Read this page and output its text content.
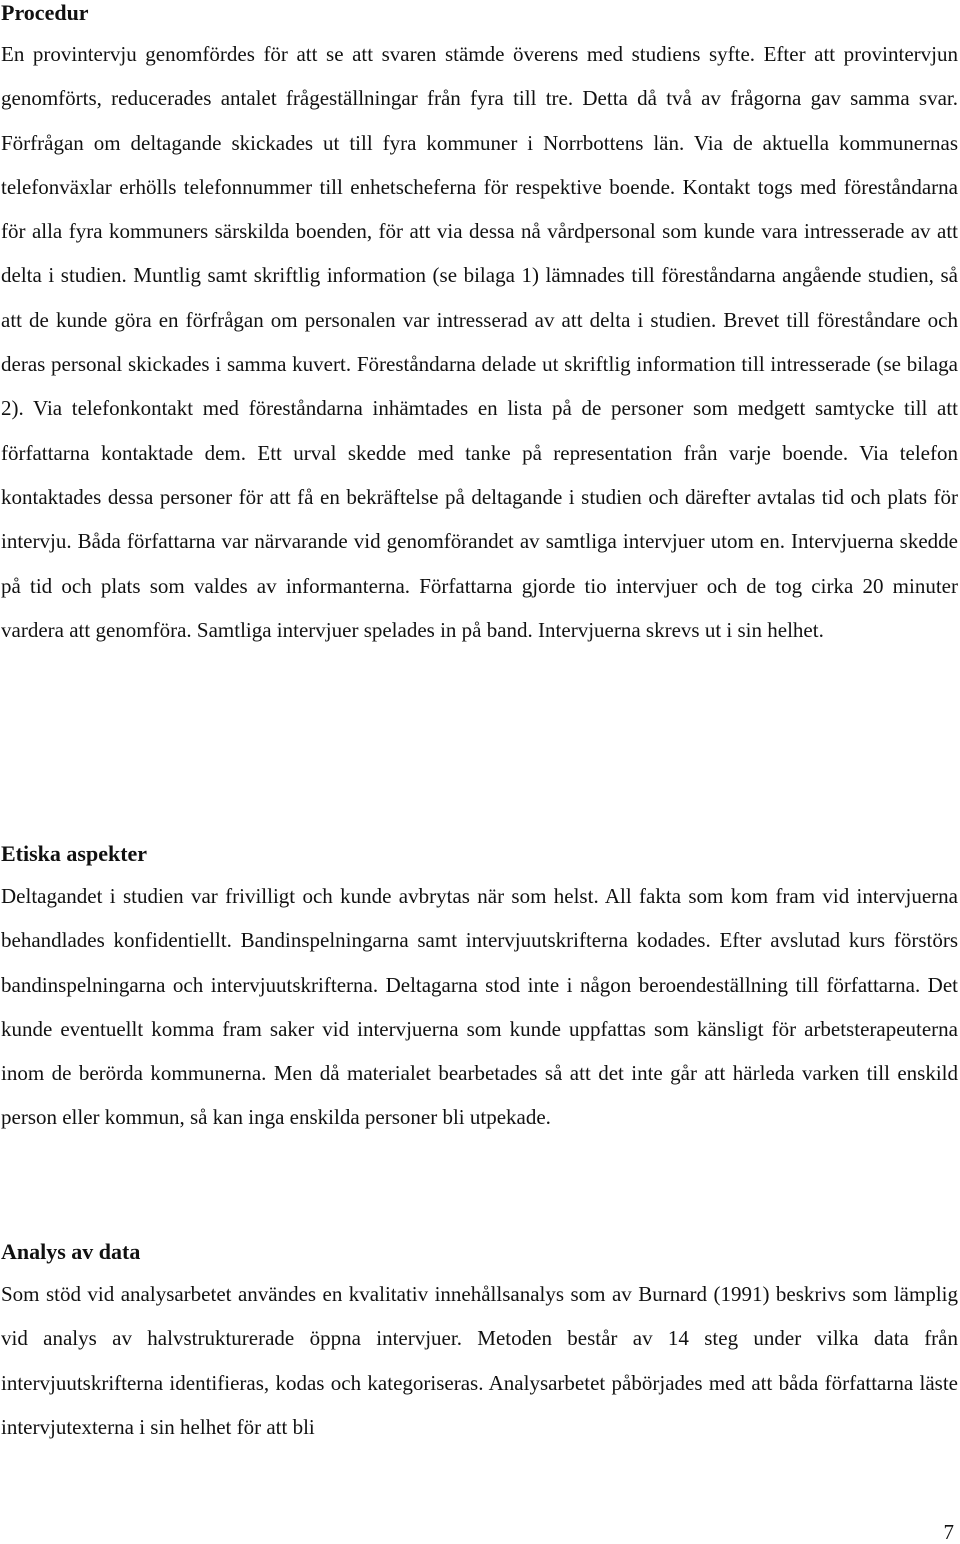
Procedur

En provintervju genomfördes för att se att svaren stämde överens med studiens syfte. Efter att provintervjun genomförts, reducerades antalet frågeställningar från fyra till tre. Detta då två av frågorna gav samma svar. Förfrågan om deltagande skickades ut till fyra kommuner i Norrbottens län. Via de aktuella kommunernas telefonväxlar erhölls telefonnummer till enhetscheferna för respektive boende. Kontakt togs med föreståndarna för alla fyra kommuners särskilda boenden, för att via dessa nå vårdpersonal som kunde vara intresserade av att delta i studien. Muntlig samt skriftlig information (se bilaga 1) lämnades till föreståndarna angående studien, så att de kunde göra en förfrågan om personalen var intresserad av att delta i studien. Brevet till föreståndare och deras personal skickades i samma kuvert. Föreståndarna delade ut skriftlig information till intresserade (se bilaga 2). Via telefonkontakt med föreståndarna inhämtades en lista på de personer som medgett samtycke till att författarna kontaktade dem. Ett urval skedde med tanke på representation från varje boende. Via telefon kontaktades dessa personer för att få en bekräftelse på deltagande i studien och därefter avtalas tid och plats för intervju. Båda författarna var närvarande vid genomförandet av samtliga intervjuer utom en. Intervjuerna skedde på tid och plats som valdes av informanterna. Författarna gjorde tio intervjuer och de tog cirka 20 minuter vardera att genomföra. Samtliga intervjuer spelades in på band. Intervjuerna skrevs ut i sin helhet.

Etiska aspekter

Deltagandet i studien var frivilligt och kunde avbrytas när som helst. All fakta som kom fram vid intervjuerna behandlades konfidentiellt. Bandinspelningarna samt intervjuutskrifterna kodades. Efter avslutad kurs förstörs bandinspelningarna och intervjuutskrifterna. Deltagarna stod inte i någon beroendeställning till författarna. Det kunde eventuellt komma fram saker vid intervjuerna som kunde uppfattas som känsligt för arbetsterapeuterna inom de berörda kommunerna. Men då materialet bearbetades så att det inte går att härleda varken till enskild person eller kommun, så kan inga enskilda personer bli utpekade.

Analys av data

Som stöd vid analysarbetet användes en kvalitativ innehållsanalys som av Burnard (1991) beskrivs som lämplig vid analys av halvstrukturerade öppna intervjuer. Metoden består av 14 steg under vilka data från intervjuutskrifterna identifieras, kodas och kategoriseras. Analysarbetet påbörjades med att båda författarna läste intervjutexterna i sin helhet för att bli

7
